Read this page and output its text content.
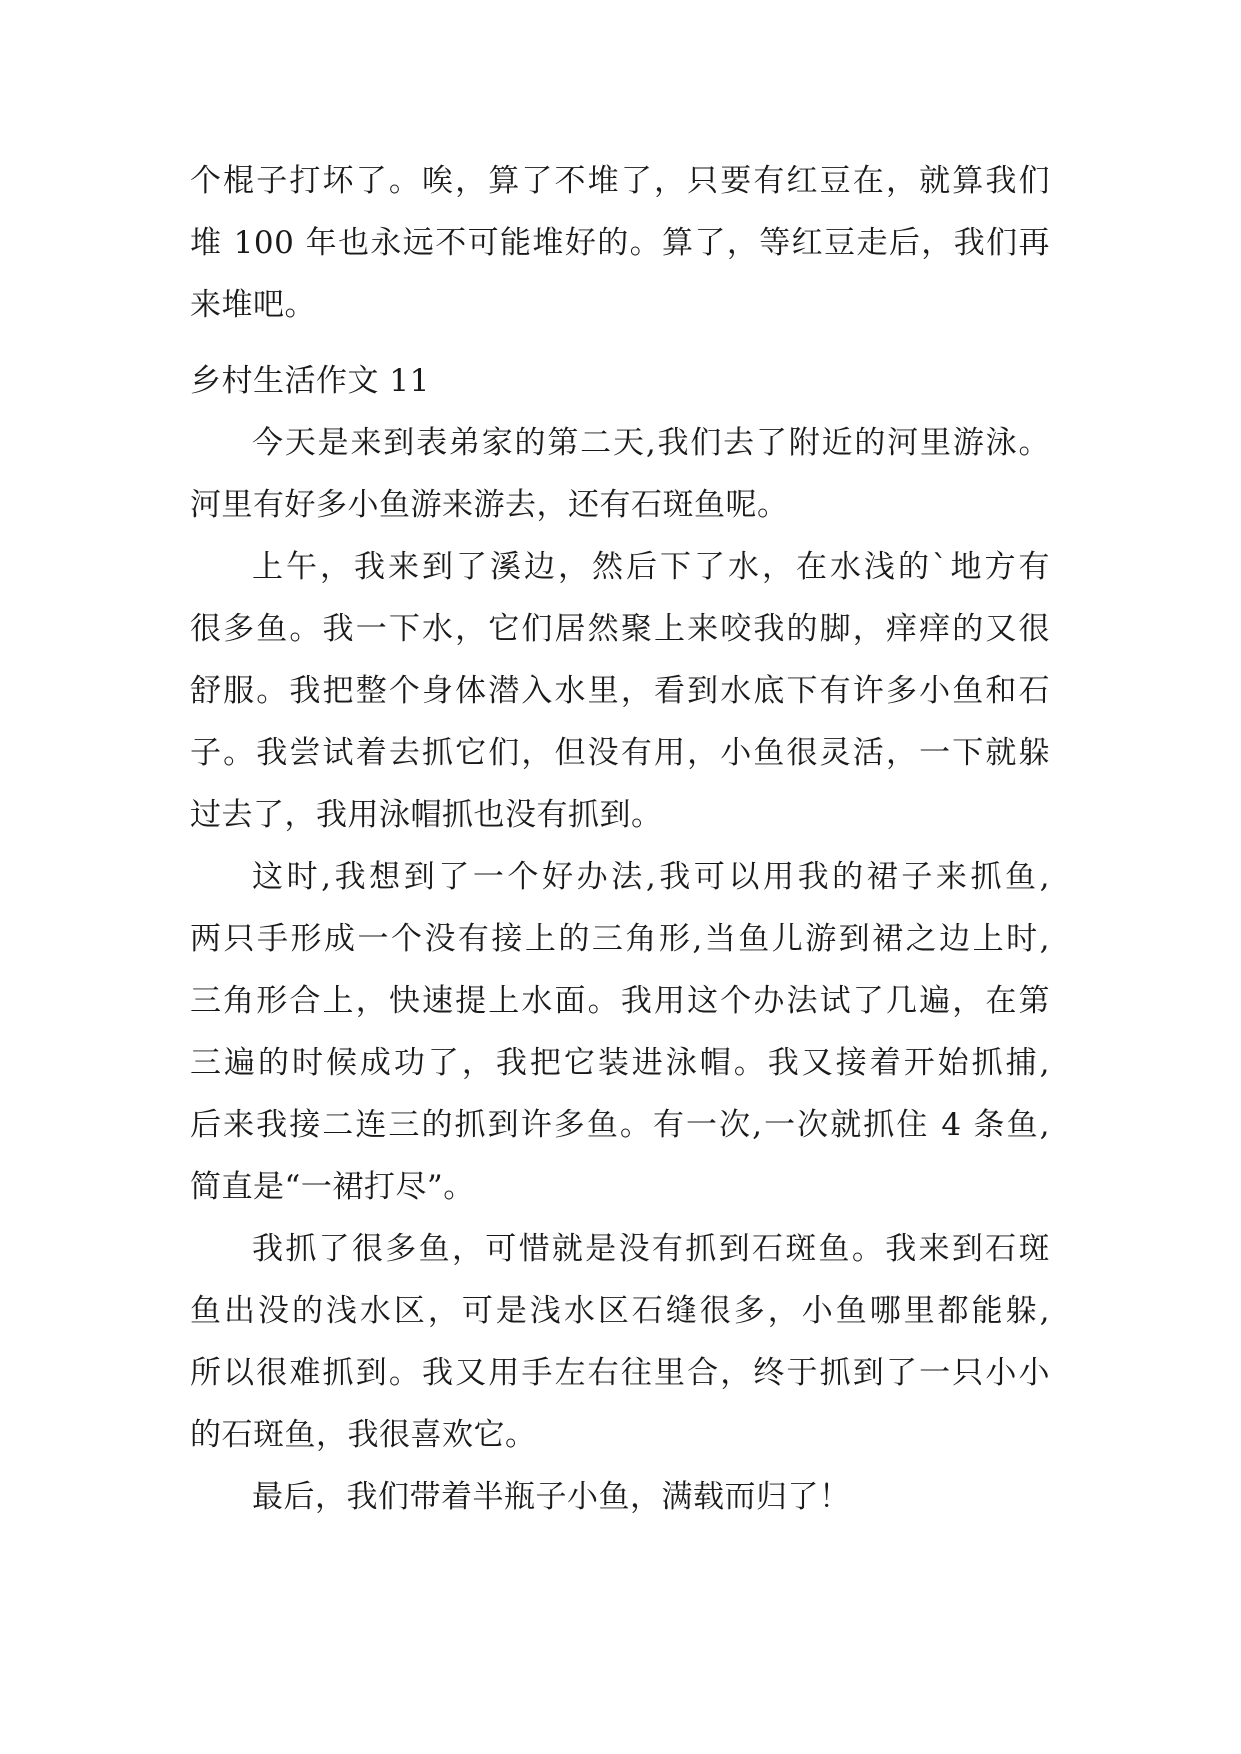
个棍子打坏了。唉，算了不堆了，只要有红豆在，就算我们
堆 100 年也永远不可能堆好的。算了，等红豆走后，我们再
来堆吧。
乡村生活作文 11
今天是来到表弟家的第二天,我们去了附近的河里游泳。
河里有好多小鱼游来游去，还有石斑鱼呢。
上午，我来到了溪边，然后下了水，在水浅的`地方有
很多鱼。我一下水，它们居然聚上来咬我的脚，痒痒的又很
舒服。我把整个身体潜入水里，看到水底下有许多小鱼和石
子。我尝试着去抓它们，但没有用，小鱼很灵活，一下就躲
过去了，我用泳帽抓也没有抓到。
这时,我想到了一个好办法,我可以用我的裙子来抓鱼,
两只手形成一个没有接上的三角形,当鱼儿游到裙之边上时,
三角形合上，快速提上水面。我用这个办法试了几遍，在第
三遍的时候成功了，我把它装进泳帽。我又接着开始抓捕,
后来我接二连三的抓到许多鱼。有一次,一次就抓住 4 条鱼,
简直是“一裙打尽”。
我抓了很多鱼，可惜就是没有抓到石斑鱼。我来到石斑
鱼出没的浅水区，可是浅水区石缝很多，小鱼哪里都能躲,
所以很难抓到。我又用手左右往里合，终于抓到了一只小小
的石斑鱼，我很喜欢它。
最后，我们带着半瓶子小鱼，满载而归了！
